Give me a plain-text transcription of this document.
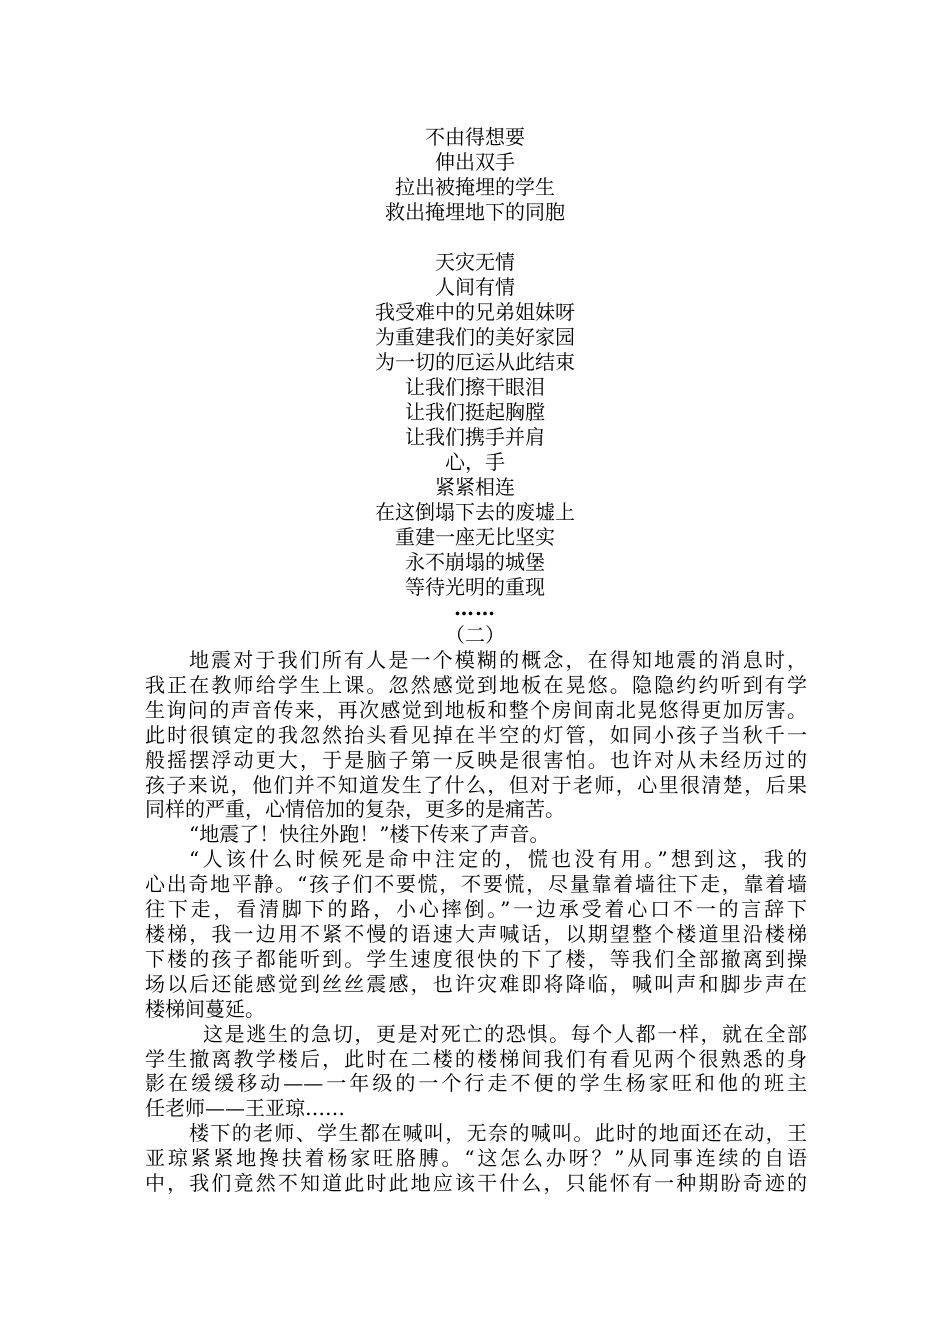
不由得想要
伸出双手
拉出被掩埋的学生
救出掩埋地下的同胞
天灾无情
人间有情
我受难中的兄弟姐妹呀
为重建我们的美好家园
为一切的厄运从此结束
让我们擦干眼泪
让我们挺起胸膛
让我们携手并肩
心，手
紧紧相连
在这倒塌下去的废墟上
重建一座无比坚实
永不崩塌的城堡
等待光明的重现
……
（二）
地震对于我们所有人是一个模糊的概念，在得知地震的消息时，
我正在教师给学生上课。忽然感觉到地板在晃悠。隐隐约约听到有学
生询问的声音传来，再次感觉到地板和整个房间南北晃悠得更加厉害。
此时很镇定的我忽然抬头看见掉在半空的灯管，如同小孩子当秋千一
般摇摆浮动更大，于是脑子第一反映是很害怕。也许对从未经历过的
孩子来说，他们并不知道发生了什么，但对于老师，心里很清楚，后果
同样的严重，心情倍加的复杂，更多的是痛苦。
“地震了！快往外跑！”楼下传来了声音。
“人该什么时候死是命中注定的，慌也没有用。”想到这，我的
心出奇地平静。“孩子们不要慌，不要慌，尽量靠着墙往下走，靠着墙
往下走，看清脚下的路，小心摔倒。”一边承受着心口不一的言辞下
楼梯，我一边用不紧不慢的语速大声喊话，以期望整个楼道里沿楼梯
下楼的孩子都能听到。学生速度很快的下了楼，等我们全部撤离到操
场以后还能感觉到丝丝震感，也许灾难即将降临，喊叫声和脚步声在
楼梯间蔓延。
这是逃生的急切，更是对死亡的恐惧。每个人都一样，就在全部
学生撤离教学楼后，此时在二楼的楼梯间我们有看见两个很熟悉的身
影在缓缓移动——一年级的一个行走不便的学生杨家旺和他的班主
任老师——王亚琼……
楼下的老师、学生都在喊叫，无奈的喊叫。此时的地面还在动，王
亚琼紧紧地搀扶着杨家旺胳膊。“这怎么办呀？”从同事连续的自语
中，我们竟然不知道此时此地应该干什么，只能怀有一种期盼奇迹的
